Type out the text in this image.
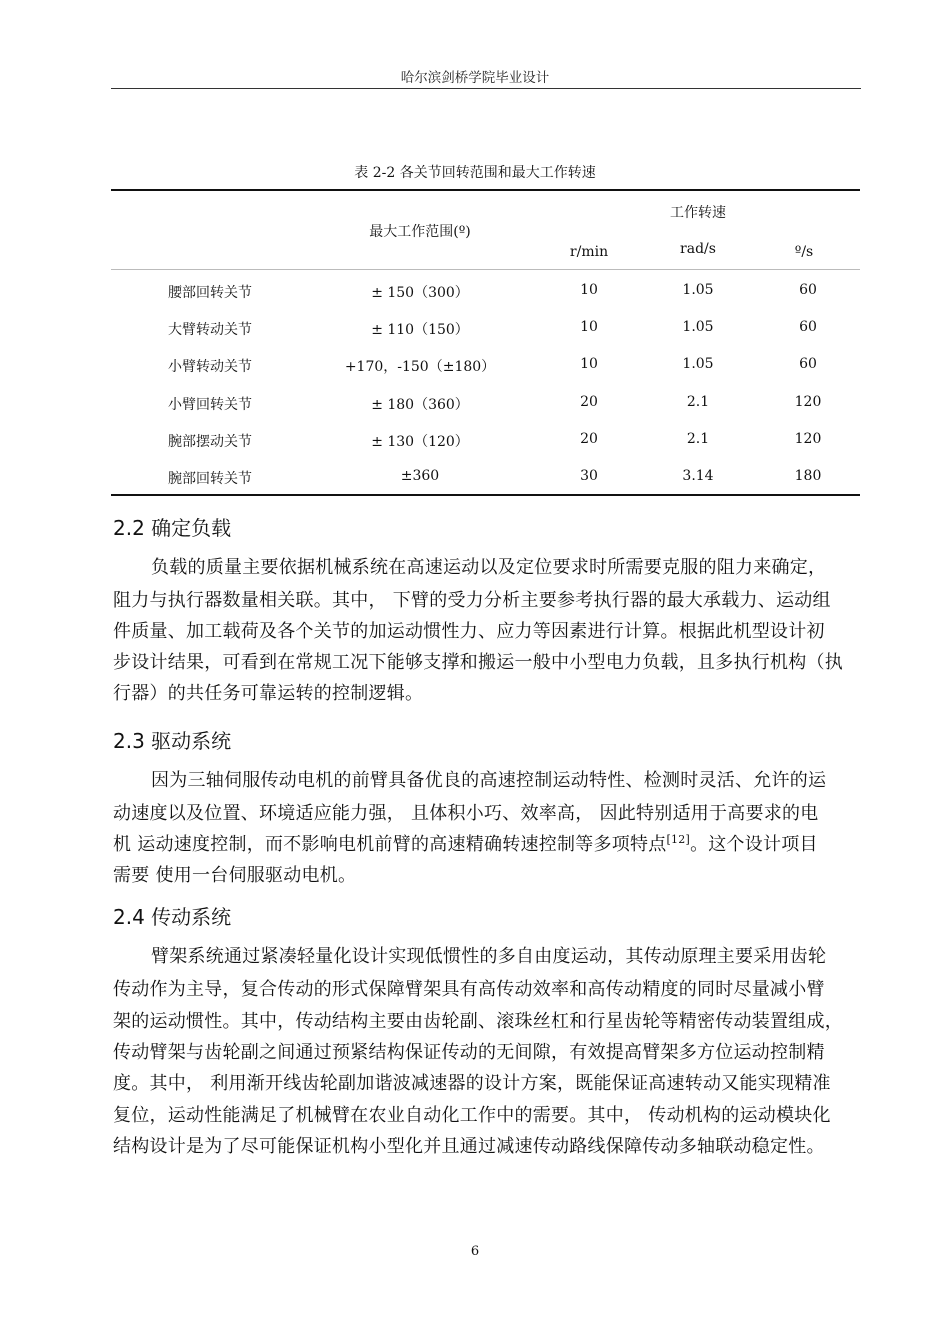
哈尔滨剑桥学院毕业设计
表 2-2 各关节回转范围和最大工作转速
最大工作范围(º)
工作转速
r/min	rad/s	º/s
腰部回转关节	± 150（300）	10	1.05	60
大臂转动关节	± 110（150）	10	1.05	60
小臂转动关节	+170，-150（±180）	10	1.05	60
小臂回转关节	± 180（360）	20	2.1	120
腕部摆动关节	± 130（120）	20	2.1	120
腕部回转关节	±360	30	3.14	180
2.2 确定负载
2.3 驱动系统
2.4 传动系统
负载的质量主要依据机械系统在高速运动以及定位要求时所需要克服的阻力来确定，
阻力与执行器数量相关联。其中， 下臂的受力分析主要参考执行器的最大承载力、运动组
件质量、加工载荷及各个关节的加运动惯性力、应力等因素进行计算。根据此机型设计初
步设计结果，可看到在常规工况下能够支撑和搬运一般中小型电力负载，且多执行机构（执
行器）的共任务可靠运转的控制逻辑。
因为三轴伺服传动电机的前臂具备优良的高速控制运动特性、检测时灵活、允许的运
动速度以及位置、环境适应能力强， 且体积小巧、效率高， 因此特别适用于高要求的电
机 运动速度控制，而不影响电机前臂的高速精确转速控制等多项特点[12]。这个设计项目
需要 使用一台伺服驱动电机。
臂架系统通过紧凑轻量化设计实现低惯性的多自由度运动，其传动原理主要采用齿轮
传动作为主导，复合传动的形式保障臂架具有高传动效率和高传动精度的同时尽量减小臂
架的运动惯性。其中，传动结构主要由齿轮副、滚珠丝杠和行星齿轮等精密传动装置组成，
传动臂架与齿轮副之间通过预紧结构保证传动的无间隙，有效提高臂架多方位运动控制精
度。其中， 利用渐开线齿轮副加谐波减速器的设计方案，既能保证高速转动又能实现精准
复位，运动性能满足了机械臂在农业自动化工作中的需要。其中， 传动机构的运动模块化
结构设计是为了尽可能保证机构小型化并且通过减速传动路线保障传动多轴联动稳定性。
6
